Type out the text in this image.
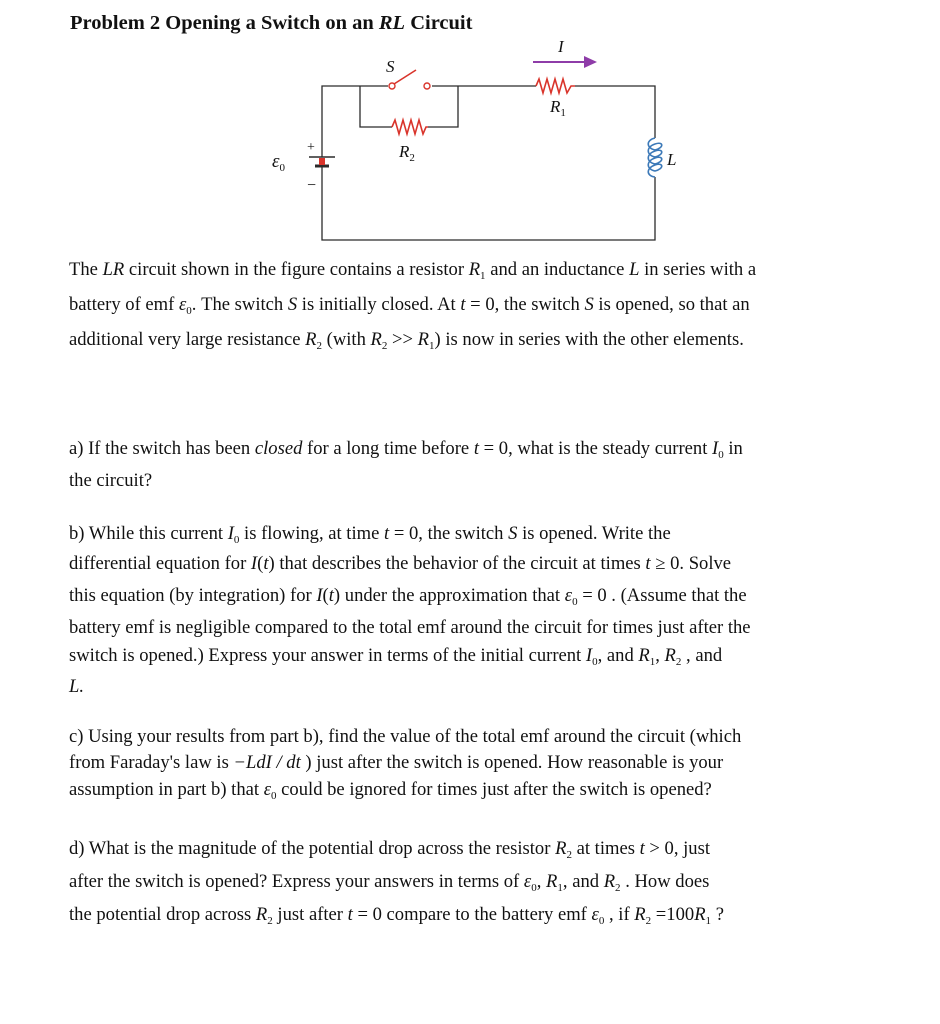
Problem 2 Opening a Switch on an RL Circuit
S
$R_2$
$R_1$
I
L
+
−
$\varepsilon_0$
The LR circuit shown in the figure contains a resistor $R_1$ and an inductance L in series with a
battery of emf $\varepsilon_0$. The switch S is initially closed. At t = 0, the switch S is opened, so that an
additional very large resistance $R_2$ (with $R_2 >> R_1$) is now in series with the other elements.
a) If the switch has been closed for a long time before t = 0, what is the steady current $I_0$ in
the circuit?
b) While this current $I_0$ is flowing, at time t = 0, the switch S is opened. Write the
differential equation for I(t) that describes the behavior of the circuit at times t ≥ 0. Solve
this equation (by integration) for I(t) under the approximation that $\varepsilon_0 = 0$ . (Assume that the
battery emf is negligible compared to the total emf around the circuit for times just after the
switch is opened.) Express your answer in terms of the initial current $I_0$, and $R_1$, $R_2$ , and
L.
c) Using your results from part b), find the value of the total emf around the circuit (which
from Faraday's law is −LdI / dt ) just after the switch is opened. How reasonable is your
assumption in part b) that $\varepsilon_0$ could be ignored for times just after the switch is opened?
d) What is the magnitude of the potential drop across the resistor $R_2$ at times t > 0, just
after the switch is opened? Express your answers in terms of $\varepsilon_0$, $R_1$, and $R_2$ . How does
the potential drop across $R_2$ just after t = 0 compare to the battery emf $\varepsilon_0$ , if $R_2 =100R_1$ ?
